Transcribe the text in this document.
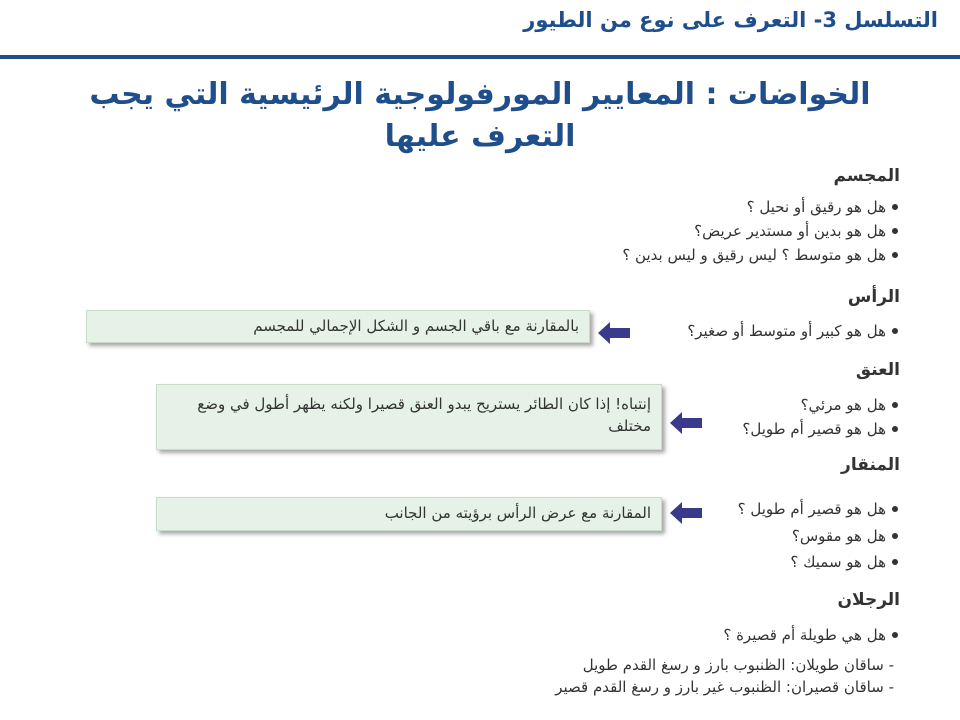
التسلسل 3- التعرف على نوع من الطيور
الخواضات : المعايير المورفولوجية الرئيسية التي يجب التعرف عليها
المجسم
هل هو رقيق أو نحيل ؟
هل هو بدين أو مستدير عريض؟
هل هو متوسط ؟ ليس رقيق و ليس بدين ؟
الرأس
هل هو كبير أو متوسط أو صغير؟
بالمقارنة مع باقي الجسم و الشكل الإجمالي للمجسم
العنق
هل هو مرئي؟
هل هو قصير أم طويل؟
إنتباه! إذا كان الطائر يستريح يبدو العنق قصيرا ولكنه يظهر أطول في وضع مختلف
المنقار
هل هو قصير أم طويل ؟
هل هو مقوس؟
هل هو سميك ؟
المقارنة مع عرض الرأس برؤيته من الجانب
الرجلان
هل هي طويلة أم قصيرة ؟
- ساقان طويلان: الظنبوب بارز و رسغ القدم طويل
- ساقان قصيران: الظنبوب غير بارز و رسغ القدم قصير
